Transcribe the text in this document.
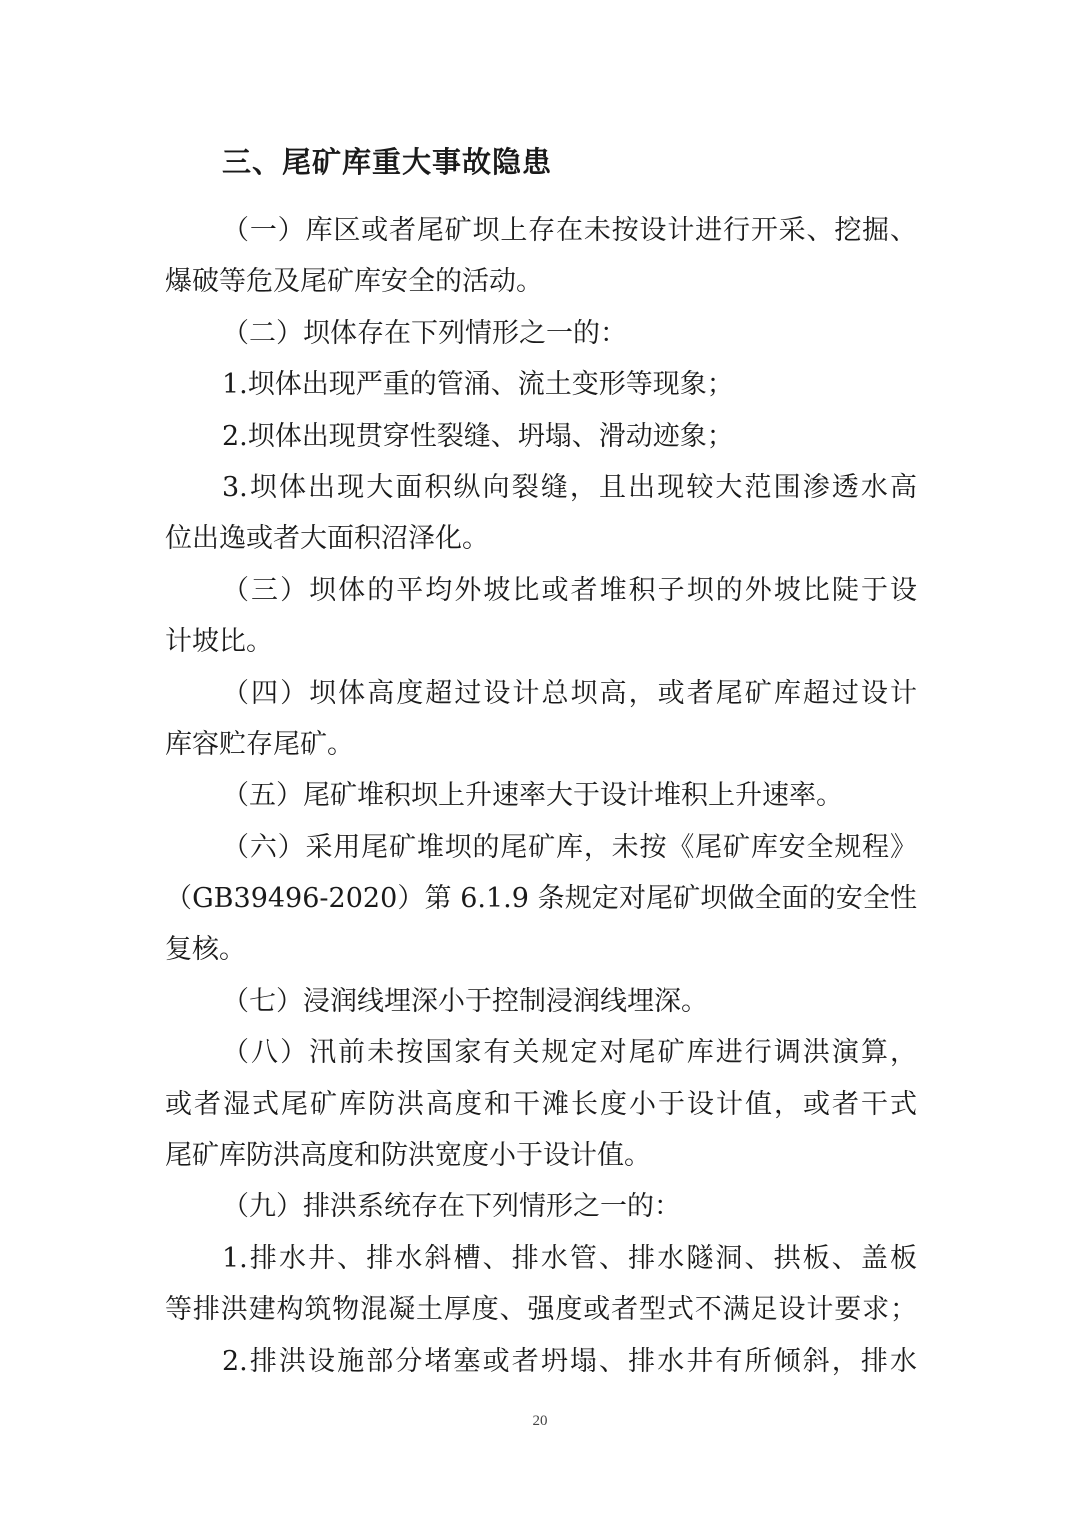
三、尾矿库重大事故隐患
（一）库区或者尾矿坝上存在未按设计进行开采、挖掘、
爆破等危及尾矿库安全的活动。
（二）坝体存在下列情形之一的：
1.坝体出现严重的管涌、流土变形等现象；
2.坝体出现贯穿性裂缝、坍塌、滑动迹象；
3.坝体出现大面积纵向裂缝，且出现较大范围渗透水高
位出逸或者大面积沼泽化。
（三）坝体的平均外坡比或者堆积子坝的外坡比陡于设
计坡比。
（四）坝体高度超过设计总坝高，或者尾矿库超过设计
库容贮存尾矿。
（五）尾矿堆积坝上升速率大于设计堆积上升速率。
（六）采用尾矿堆坝的尾矿库，未按《尾矿库安全规程》
（GB39496-2020）第 6.1.9 条规定对尾矿坝做全面的安全性
复核。
（七）浸润线埋深小于控制浸润线埋深。
（八）汛前未按国家有关规定对尾矿库进行调洪演算，
或者湿式尾矿库防洪高度和干滩长度小于设计值，或者干式
尾矿库防洪高度和防洪宽度小于设计值。
（九）排洪系统存在下列情形之一的：
1.排水井、排水斜槽、排水管、排水隧洞、拱板、盖板
等排洪建构筑物混凝土厚度、强度或者型式不满足设计要求；
2.排洪设施部分堵塞或者坍塌、排水井有所倾斜，排水
20
